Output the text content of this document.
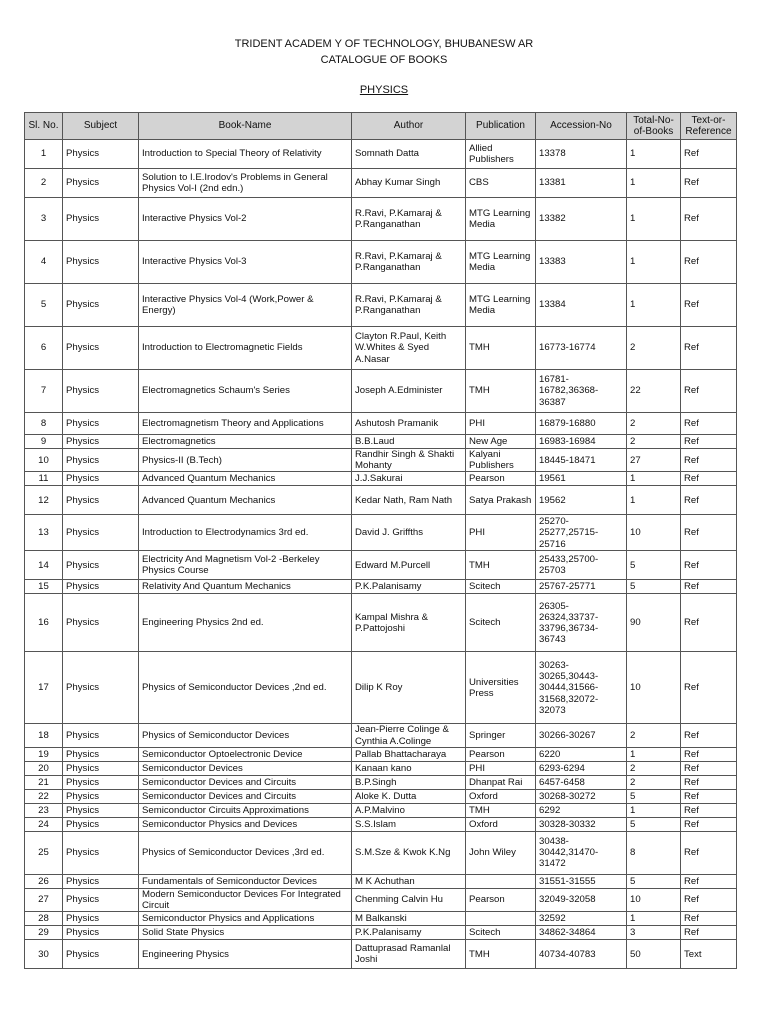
TRIDENT ACADEM Y OF TECHNOLOGY, BHUBANESW AR
CATALOGUE OF BOOKS
PHYSICS
Sl. No.	Subject	Book-Name	Author	Publication	Accession-No	Total-No-of-Books	Text-or-Reference
1	Physics	Introduction to Special Theory of Relativity	Somnath Datta	Allied Publishers	13378	1	Ref
2	Physics	Solution to I.E.Irodov's Problems in General Physics Vol-I (2nd edn.)	Abhay Kumar Singh	CBS	13381	1	Ref
3	Physics	Interactive Physics Vol-2	R.Ravi, P.Kamaraj & P.Ranganathan	MTG Learning Media	13382	1	Ref
4	Physics	Interactive Physics Vol-3	R.Ravi, P.Kamaraj & P.Ranganathan	MTG Learning Media	13383	1	Ref
5	Physics	Interactive Physics Vol-4 (Work,Power & Energy)	R.Ravi, P.Kamaraj & P.Ranganathan	MTG Learning Media	13384	1	Ref
6	Physics	Introduction to Electromagnetic Fields	Clayton R.Paul, Keith W.Whites & Syed A.Nasar	TMH	16773-16774	2	Ref
7	Physics	Electromagnetics Schaum's Series	Joseph A.Edminister	TMH	16781-16782,36368-36387	22	Ref
8	Physics	Electromagnetism Theory and Applications	Ashutosh Pramanik	PHI	16879-16880	2	Ref
9	Physics	Electromagnetics	B.B.Laud	New Age	16983-16984	2	Ref
10	Physics	Physics-II (B.Tech)	Randhir Singh & Shakti Mohanty	Kalyani Publishers	18445-18471	27	Ref
11	Physics	Advanced Quantum Mechanics	J.J.Sakurai	Pearson	19561	1	Ref
12	Physics	Advanced Quantum Mechanics	Kedar Nath, Ram Nath	Satya Prakash	19562	1	Ref
13	Physics	Introduction to Electrodynamics 3rd ed.	David J. Griffths	PHI	25270-25277,25715-25716	10	Ref
14	Physics	Electricity And Magnetism Vol-2 -Berkeley Physics Course	Edward M.Purcell	TMH	25433,25700-25703	5	Ref
15	Physics	Relativity And Quantum Mechanics	P.K.Palanisamy	Scitech	25767-25771	5	Ref
16	Physics	Engineering Physics 2nd ed.	Kampal Mishra & P.Pattojoshi	Scitech	26305-26324,33737-33796,36734-36743	90	Ref
17	Physics	Physics of Semiconductor Devices ,2nd ed.	Dilip K Roy	Universities Press	30263-30265,30443-30444,31566-31568,32072-32073	10	Ref
18	Physics	Physics of Semiconductor Devices	Jean-Pierre Colinge & Cynthia A.Colinge	Springer	30266-30267	2	Ref
19	Physics	Semiconductor Optoelectronic Device	Pallab Bhattacharaya	Pearson	6220	1	Ref
20	Physics	Semiconductor Devices	Kanaan kano	PHI	6293-6294	2	Ref
21	Physics	Semiconductor Devices and Circuits	B.P.Singh	Dhanpat Rai	6457-6458	2	Ref
22	Physics	Semiconductor Devices and Circuits	Aloke K. Dutta	Oxford	30268-30272	5	Ref
23	Physics	Semiconductor Circuits Approximations	A.P.Malvino	TMH	6292	1	Ref
24	Physics	Semiconductor Physics and Devices	S.S.Islam	Oxford	30328-30332	5	Ref
25	Physics	Physics of Semiconductor Devices ,3rd ed.	S.M.Sze & Kwok K.Ng	John Wiley	30438-30442,31470-31472	8	Ref
26	Physics	Fundamentals of Semiconductor Devices	M K Achuthan		31551-31555	5	Ref
27	Physics	Modern Semiconductor Devices For Integrated Circuit	Chenming Calvin Hu	Pearson	32049-32058	10	Ref
28	Physics	Semiconductor Physics and Applications	M Balkanski		32592	1	Ref
29	Physics	Solid State Physics	P.K.Palanisamy	Scitech	34862-34864	3	Ref
30	Physics	Engineering Physics	Dattuprasad Ramanlal Joshi	TMH	40734-40783	50	Text
